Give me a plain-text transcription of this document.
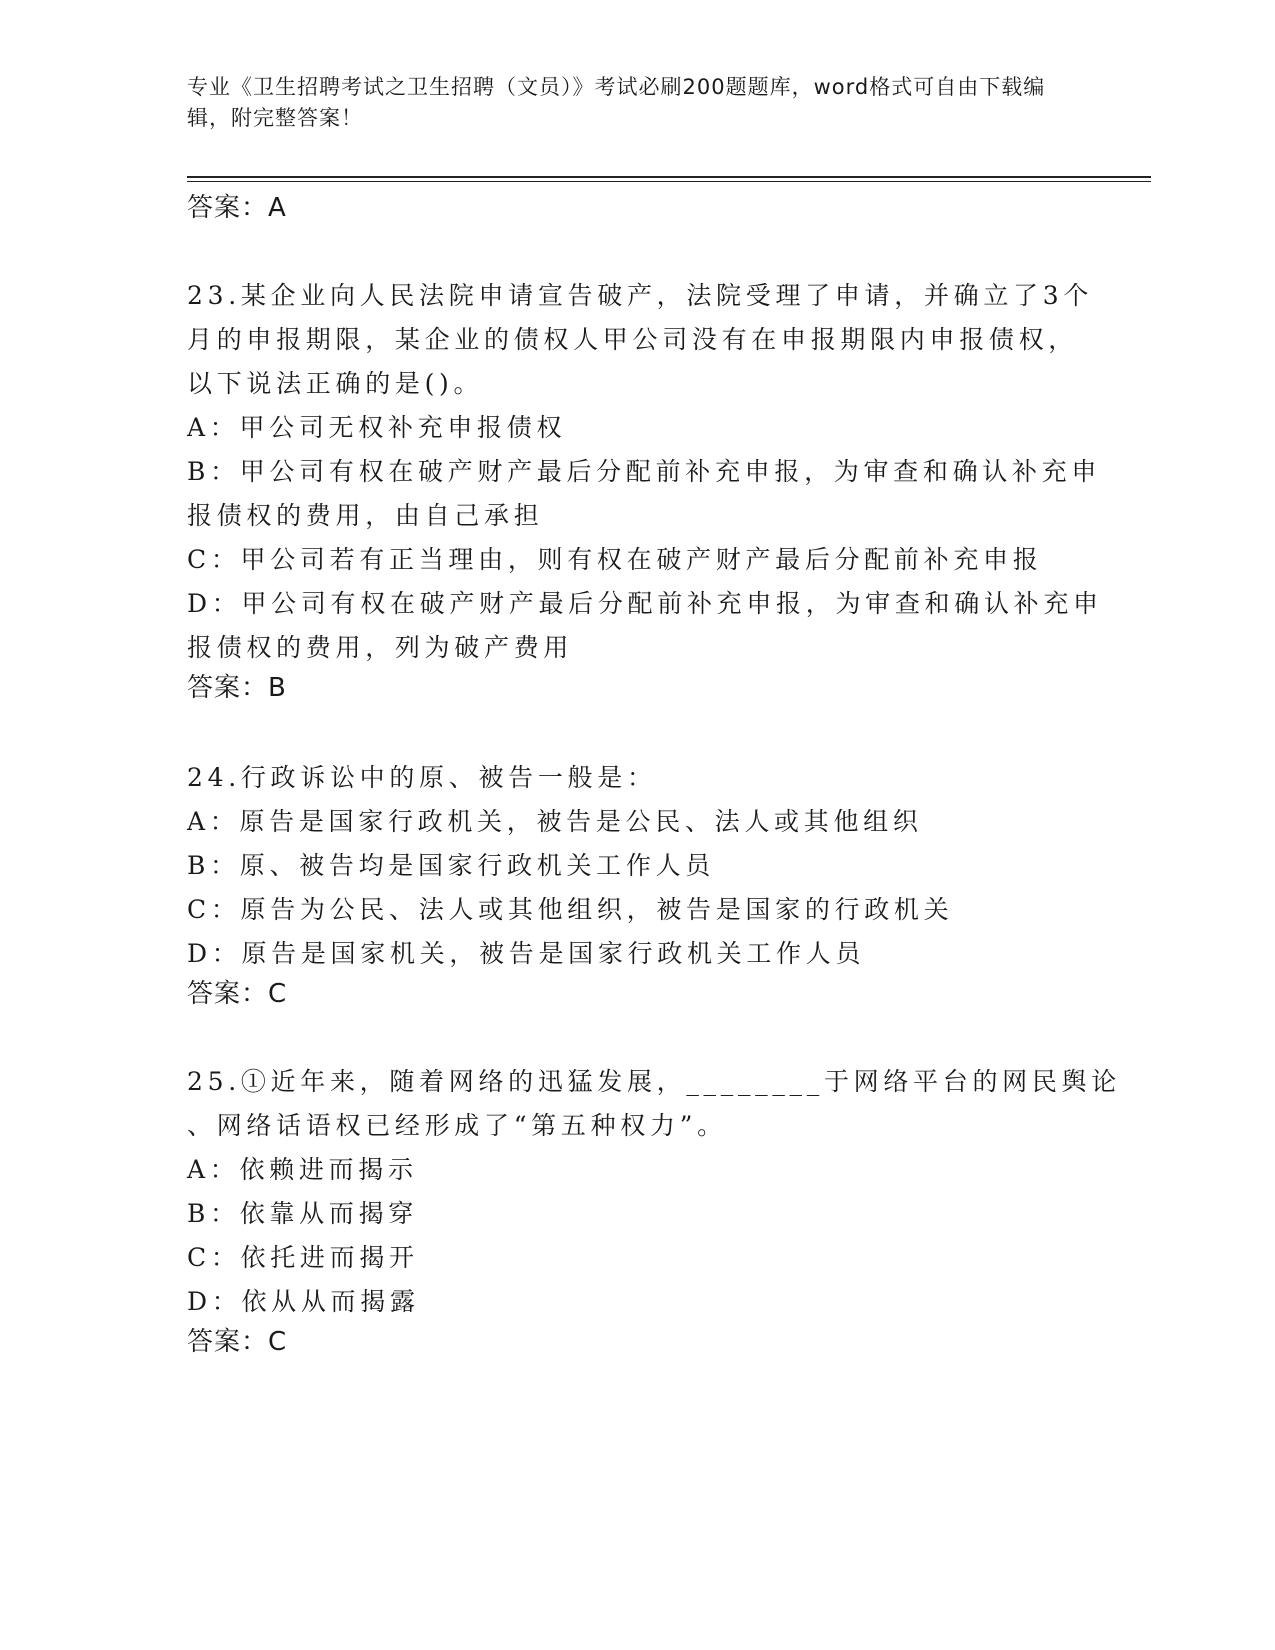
专业《卫生招聘考试之卫生招聘（文员）》考试必刷200题题库，word格式可自由下载编辑，附完整答案！
答案：A
23.某企业向人民法院申请宣告破产，法院受理了申请，并确立了3个
月的申报期限，某企业的债权人甲公司没有在申报期限内申报债权，
以下说法正确的是()。
A：甲公司无权补充申报债权
B：甲公司有权在破产财产最后分配前补充申报，为审查和确认补充申
报债权的费用，由自己承担
C：甲公司若有正当理由，则有权在破产财产最后分配前补充申报
D：甲公司有权在破产财产最后分配前补充申报，为审查和确认补充申
报债权的费用，列为破产费用
答案：B
24.行政诉讼中的原、被告一般是：
A：原告是国家行政机关，被告是公民、法人或其他组织
B：原、被告均是国家行政机关工作人员
C：原告为公民、法人或其他组织，被告是国家的行政机关
D：原告是国家机关，被告是国家行政机关工作人员
答案：C
25.①近年来，随着网络的迅猛发展，________于网络平台的网民舆论
、网络话语权已经形成了“第五种权力”。
A：依赖进而揭示
B：依靠从而揭穿
C：依托进而揭开
D：依从从而揭露
答案：C
